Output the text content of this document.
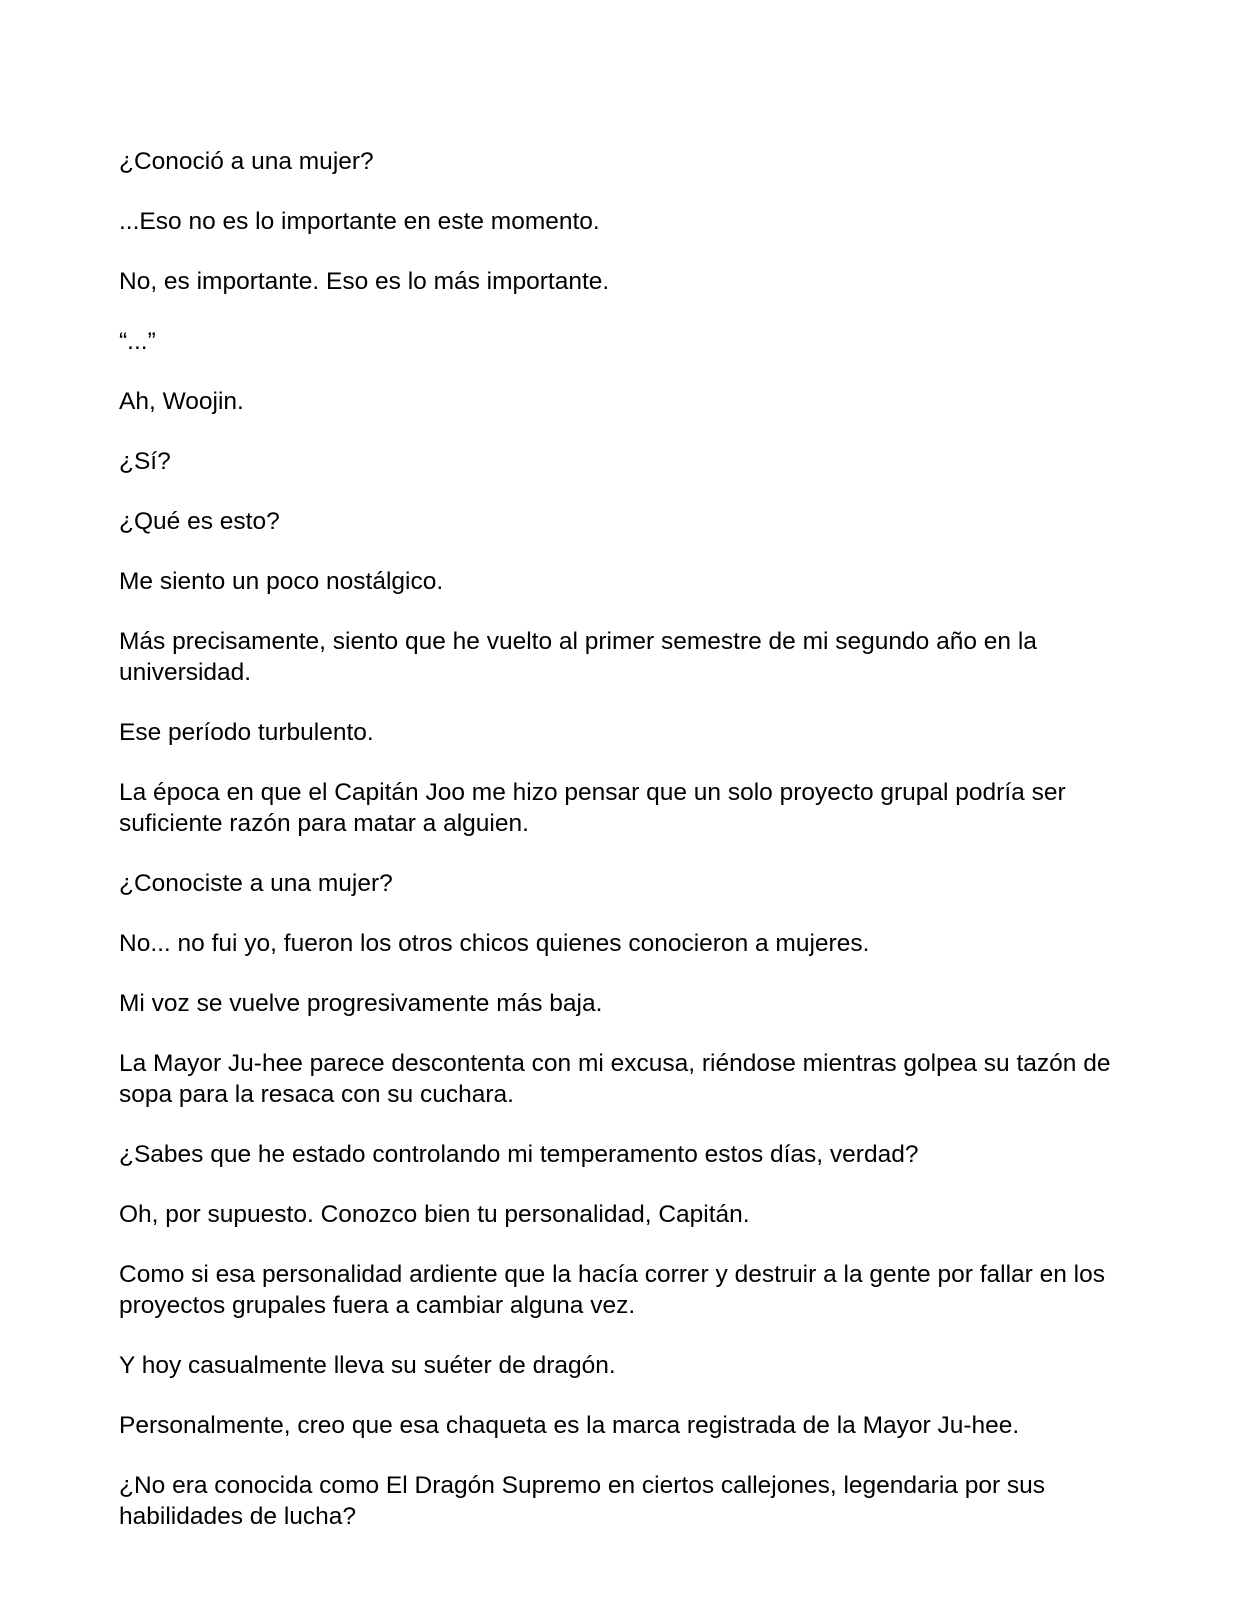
¿Conoció a una mujer?

...Eso no es lo importante en este momento.

No, es importante. Eso es lo más importante.

“...”

Ah, Woojin.

¿Sí?

¿Qué es esto?

Me siento un poco nostálgico.

Más precisamente, siento que he vuelto al primer semestre de mi segundo año en la universidad.

Ese período turbulento.

La época en que el Capitán Joo me hizo pensar que un solo proyecto grupal podría ser suficiente razón para matar a alguien.

¿Conociste a una mujer?

No... no fui yo, fueron los otros chicos quienes conocieron a mujeres.

Mi voz se vuelve progresivamente más baja.

La Mayor Ju-hee parece descontenta con mi excusa, riéndose mientras golpea su tazón de sopa para la resaca con su cuchara.

¿Sabes que he estado controlando mi temperamento estos días, verdad?

Oh, por supuesto. Conozco bien tu personalidad, Capitán.

Como si esa personalidad ardiente que la hacía correr y destruir a la gente por fallar en los proyectos grupales fuera a cambiar alguna vez.

Y hoy casualmente lleva su suéter de dragón.

Personalmente, creo que esa chaqueta es la marca registrada de la Mayor Ju-hee.

¿No era conocida como El Dragón Supremo en ciertos callejones, legendaria por sus habilidades de lucha?
